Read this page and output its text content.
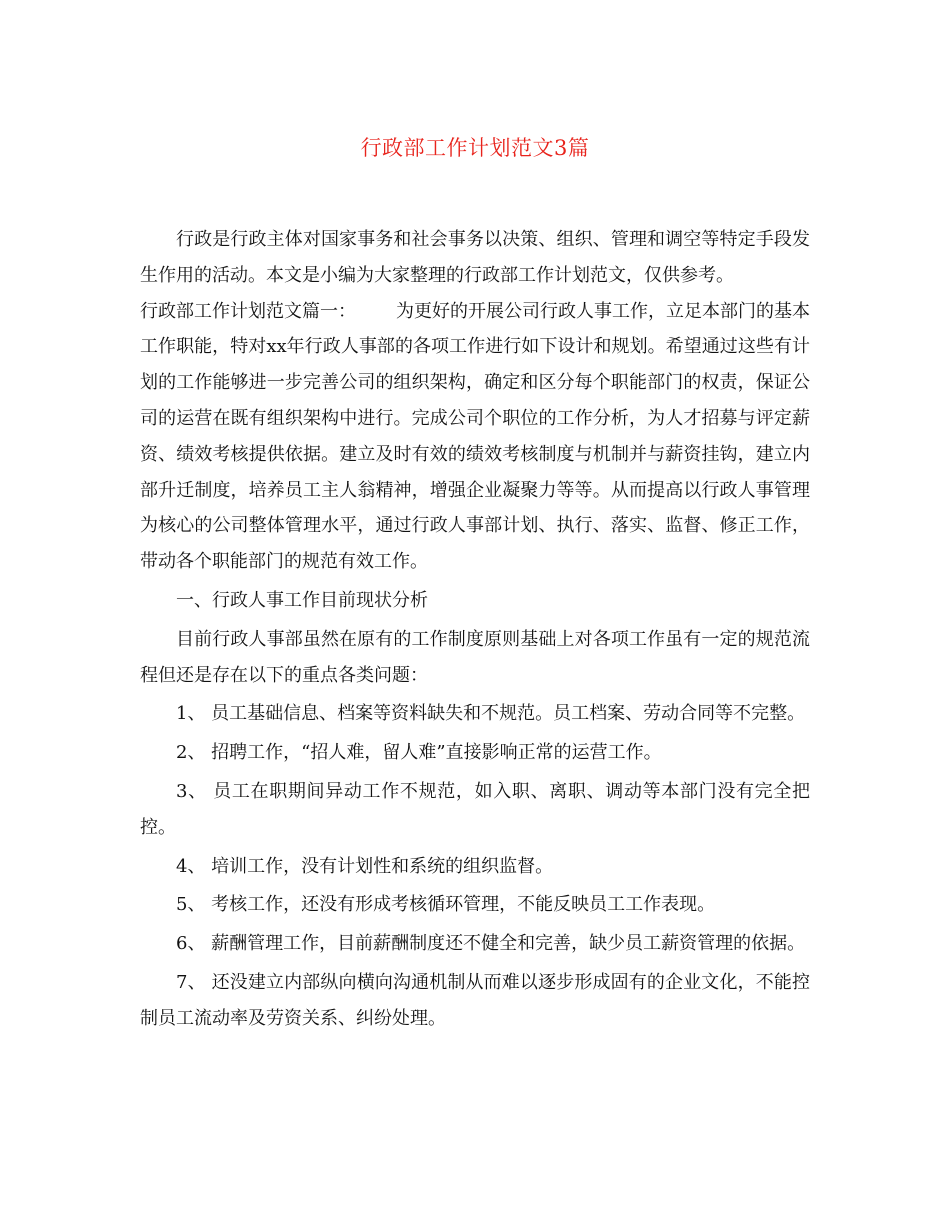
行政部工作计划范文3篇

行政是行政主体对国家事务和社会事务以决策、组织、管理和调空等特定手段发生作用的活动。本文是小编为大家整理的行政部工作计划范文，仅供参考。

行政部工作计划范文篇一： 为更好的开展公司行政人事工作，立足本部门的基本工作职能，特对xx年行政人事部的各项工作进行如下设计和规划。希望通过这些有计划的工作能够进一步完善公司的组织架构，确定和区分每个职能部门的权责，保证公司的运营在既有组织架构中进行。完成公司个职位的工作分析，为人才招募与评定薪资、绩效考核提供依据。建立及时有效的绩效考核制度与机制并与薪资挂钩，建立内部升迁制度，培养员工主人翁精神，增强企业凝聚力等等。从而提高以行政人事管理为核心的公司整体管理水平，通过行政人事部计划、执行、落实、监督、修正工作，带动各个职能部门的规范有效工作。

一、行政人事工作目前现状分析

目前行政人事部虽然在原有的工作制度原则基础上对各项工作虽有一定的规范流程但还是存在以下的重点各类问题：

1、 员工基础信息、档案等资料缺失和不规范。员工档案、劳动合同等不完整。

2、 招聘工作，“招人难，留人难”直接影响正常的运营工作。

3、 员工在职期间异动工作不规范，如入职、离职、调动等本部门没有完全把控。

4、 培训工作，没有计划性和系统的组织监督。

5、 考核工作，还没有形成考核循环管理，不能反映员工工作表现。

6、 薪酬管理工作，目前薪酬制度还不健全和完善，缺少员工薪资管理的依据。

7、 还没建立内部纵向横向沟通机制从而难以逐步形成固有的企业文化，不能控制员工流动率及劳资关系、纠纷处理。
